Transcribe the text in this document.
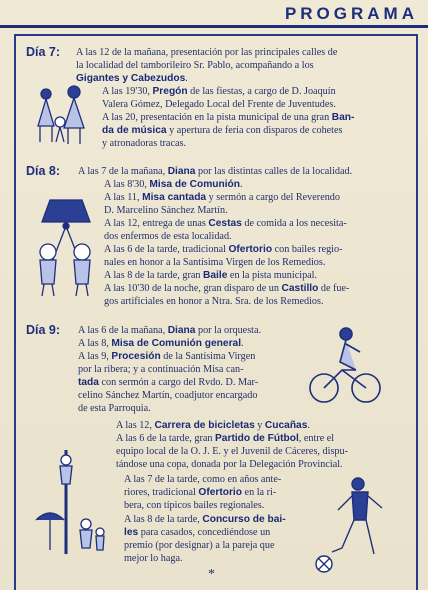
PROGRAMA
Día 7:
Día 8:
Día 9:
A las 12 de la mañana, presentación por las principales calles de
la localidad del tamborileiro Sr. Pablo, acompañando a los
Gigantes y Cabezudos.
A las 19'30, Pregón de las fiestas, a cargo de D. Joaquín
Valera Gómez, Delegado Local del Frente de Juventudes.
A las 20, presentación en la pista municipal de una gran Ban-
da de música y apertura de feria con disparos de cohetes
y atronadoras tracas.
A las 7 de la mañana, Diana por las distintas calles de la localidad.
A las 8'30, Misa de Comunión.
A las 11, Misa cantada y sermón a cargo del Reverendo
D. Marcelino Sánchez Martín.
A las 12, entrega de unas Cestas de comida a los necesita-
dos enfermos de esta localidad.
A las 6 de la tarde, tradicional Ofertorio con bailes regio-
nales en honor a la Santísima Virgen de los Remedios.
A las 8 de la tarde, gran Baile en la pista municipal.
A las 10'30 de la noche, gran disparo de un Castillo de fue-
gos artificiales en honor a Ntra. Sra. de los Remedios.
A las 6 de la mañana, Diana por la orquesta.
A las 8, Misa de Comunión general.
A las 9, Procesión de la Santísima Virgen
por la ribera; y a continuación Misa can-
tada con sermón a cargo del Rvdo. D. Mar-
celino Sánchez Martín, coadjutor encargado
de esta Parroquia.
A las 12, Carrera de bicicletas y Cucañas.
A las 6 de la tarde, gran Partido de Fútbol, entre el
equipo local de la O. J. E. y el Juvenil de Cáceres, dispu-
tándose una copa, donada por la Delegación Provincial.
A las 7 de la tarde, como en años ante-
riores, tradicional Ofertorio en la ri-
bera, con típicos bailes regionales.
A las 8 de la tarde, Concurso de bai-
les para casados, concediéndose un
premio (por designar) a la pareja que
mejor lo haga.
*
